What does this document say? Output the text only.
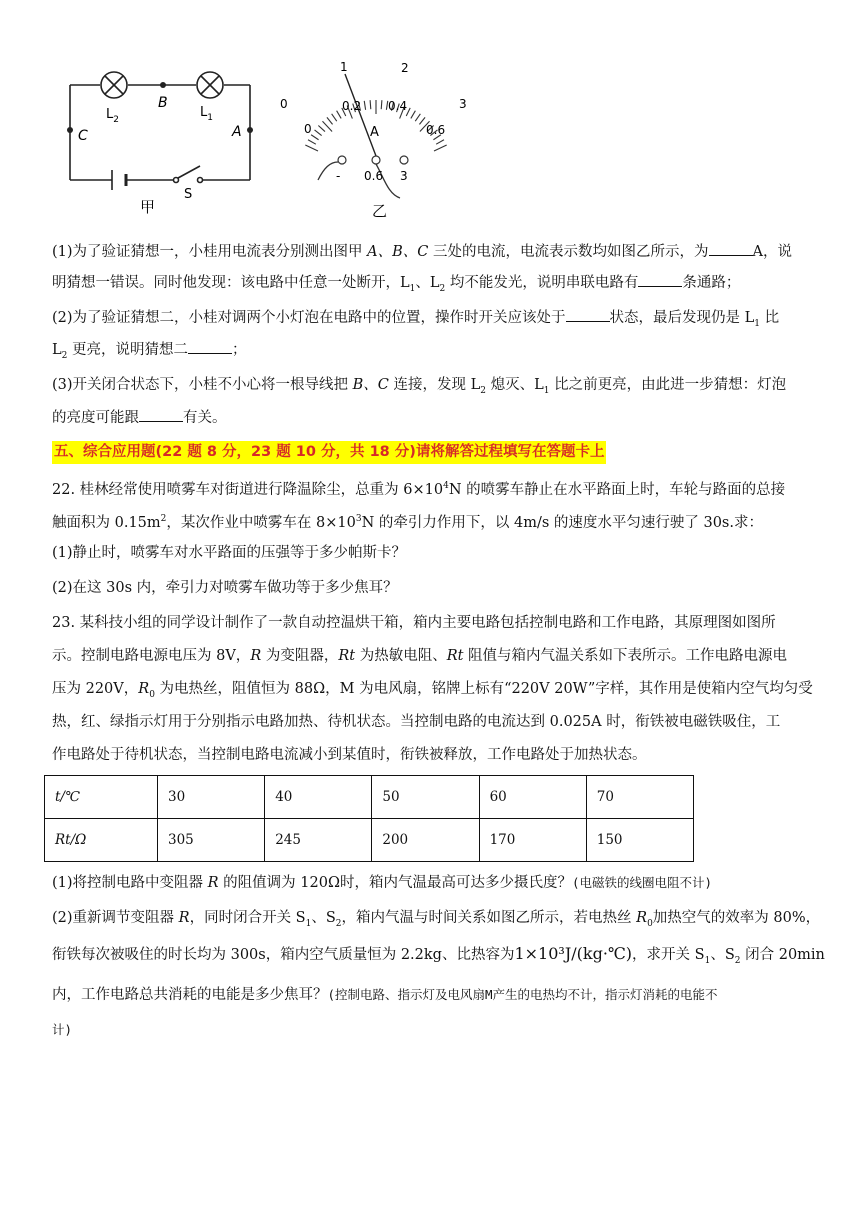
$L_2$
B
$L_1$
C	A
S
甲
1	2
3
0
0
0.2 0.4
0.6
A
- 0.6 3
乙
(1)为了验证猜想一，小桂用电流表分别测出图甲 A、B、C 三处的电流，电流表示数均如图乙所示，为	A，说
明猜想一错误。同时他发现：该电路中任意一处断开，$L_1$、$L_2$ 均不能发光，说明串联电路有	条通路；
(2)为了验证猜想二，小桂对调两个小灯泡在电路中的位置，操作时开关应该处于	状态，最后发现仍是 $L_1$ 比
$L_2$ 更亮，说明猜想二	；
(3)开关闭合状态下，小桂不小心将一根导线把 B、C 连接，发现 $L_2$ 熄灭、$L_1$ 比之前更亮，由此进一步猜想：灯泡
的亮度可能跟	有关。
五、综合应用题(22 题 8 分，23 题 10 分，共 18 分)请将解答过程填写在答题卡上
22. 桂林经常使用喷雾车对街道进行降温除尘，总重为 $6\times 10^4N$ 的喷雾车静止在水平路面上时，车轮与路面的总接
触面积为 $0.15m^2$，某次作业中喷雾车在 $8\times 10^3N$ 的牵引力作用下，以 4m/s 的速度水平匀速行驶了 30s.求：
(1)静止时，喷雾车对水平路面的压强等于多少帕斯卡？
(2)在这 30s 内，牵引力对喷雾车做功等于多少焦耳？
23. 某科技小组的同学设计制作了一款自动控温烘干箱，箱内主要电路包括控制电路和工作电路，其原理图如图所
示。控制电路电源电压为 8V，R 为变阻器，Rt 为热敏电阻、Rt 阻值与箱内气温关系如下表所示。工作电路电源电
压为 220V，$R_0$ 为电热丝，阻值恒为 88Ω，M 为电风扇，铭牌上标有“220V 20W”字样，其作用是使箱内空气均匀受
热，红、绿指示灯用于分别指示电路加热、待机状态。当控制电路的电流达到 0.025A 时，衔铁被电磁铁吸住，工
作电路处于待机状态，当控制电路电流减小到某值时，衔铁被释放，工作电路处于加热状态。
t/℃	30	40	50	60	70
Rt/Ω	305	245	200	170	150
(1)将控制电路中变阻器 R 的阻值调为 120Ω时，箱内气温最高可达多少摄氏度？(电磁铁的线圈电阻不计)
(2)重新调节变阻器 R，同时闭合开关 $S_1$、$S_2$，箱内气温与时间关系如图乙所示，若电热丝 $R_0$加热空气的效率为 80%，
衔铁每次被吸住的时长均为 300s，箱内空气质量恒为 2.2kg、比热容为1×10³J/(kg·℃)，求开关 $S_1$、$S_2$ 闭合 20min
内，工作电路总共消耗的电能是多少焦耳？(控制电路、指示灯及电风扇M产生的电热均不计，指示灯消耗的电能不
计)
